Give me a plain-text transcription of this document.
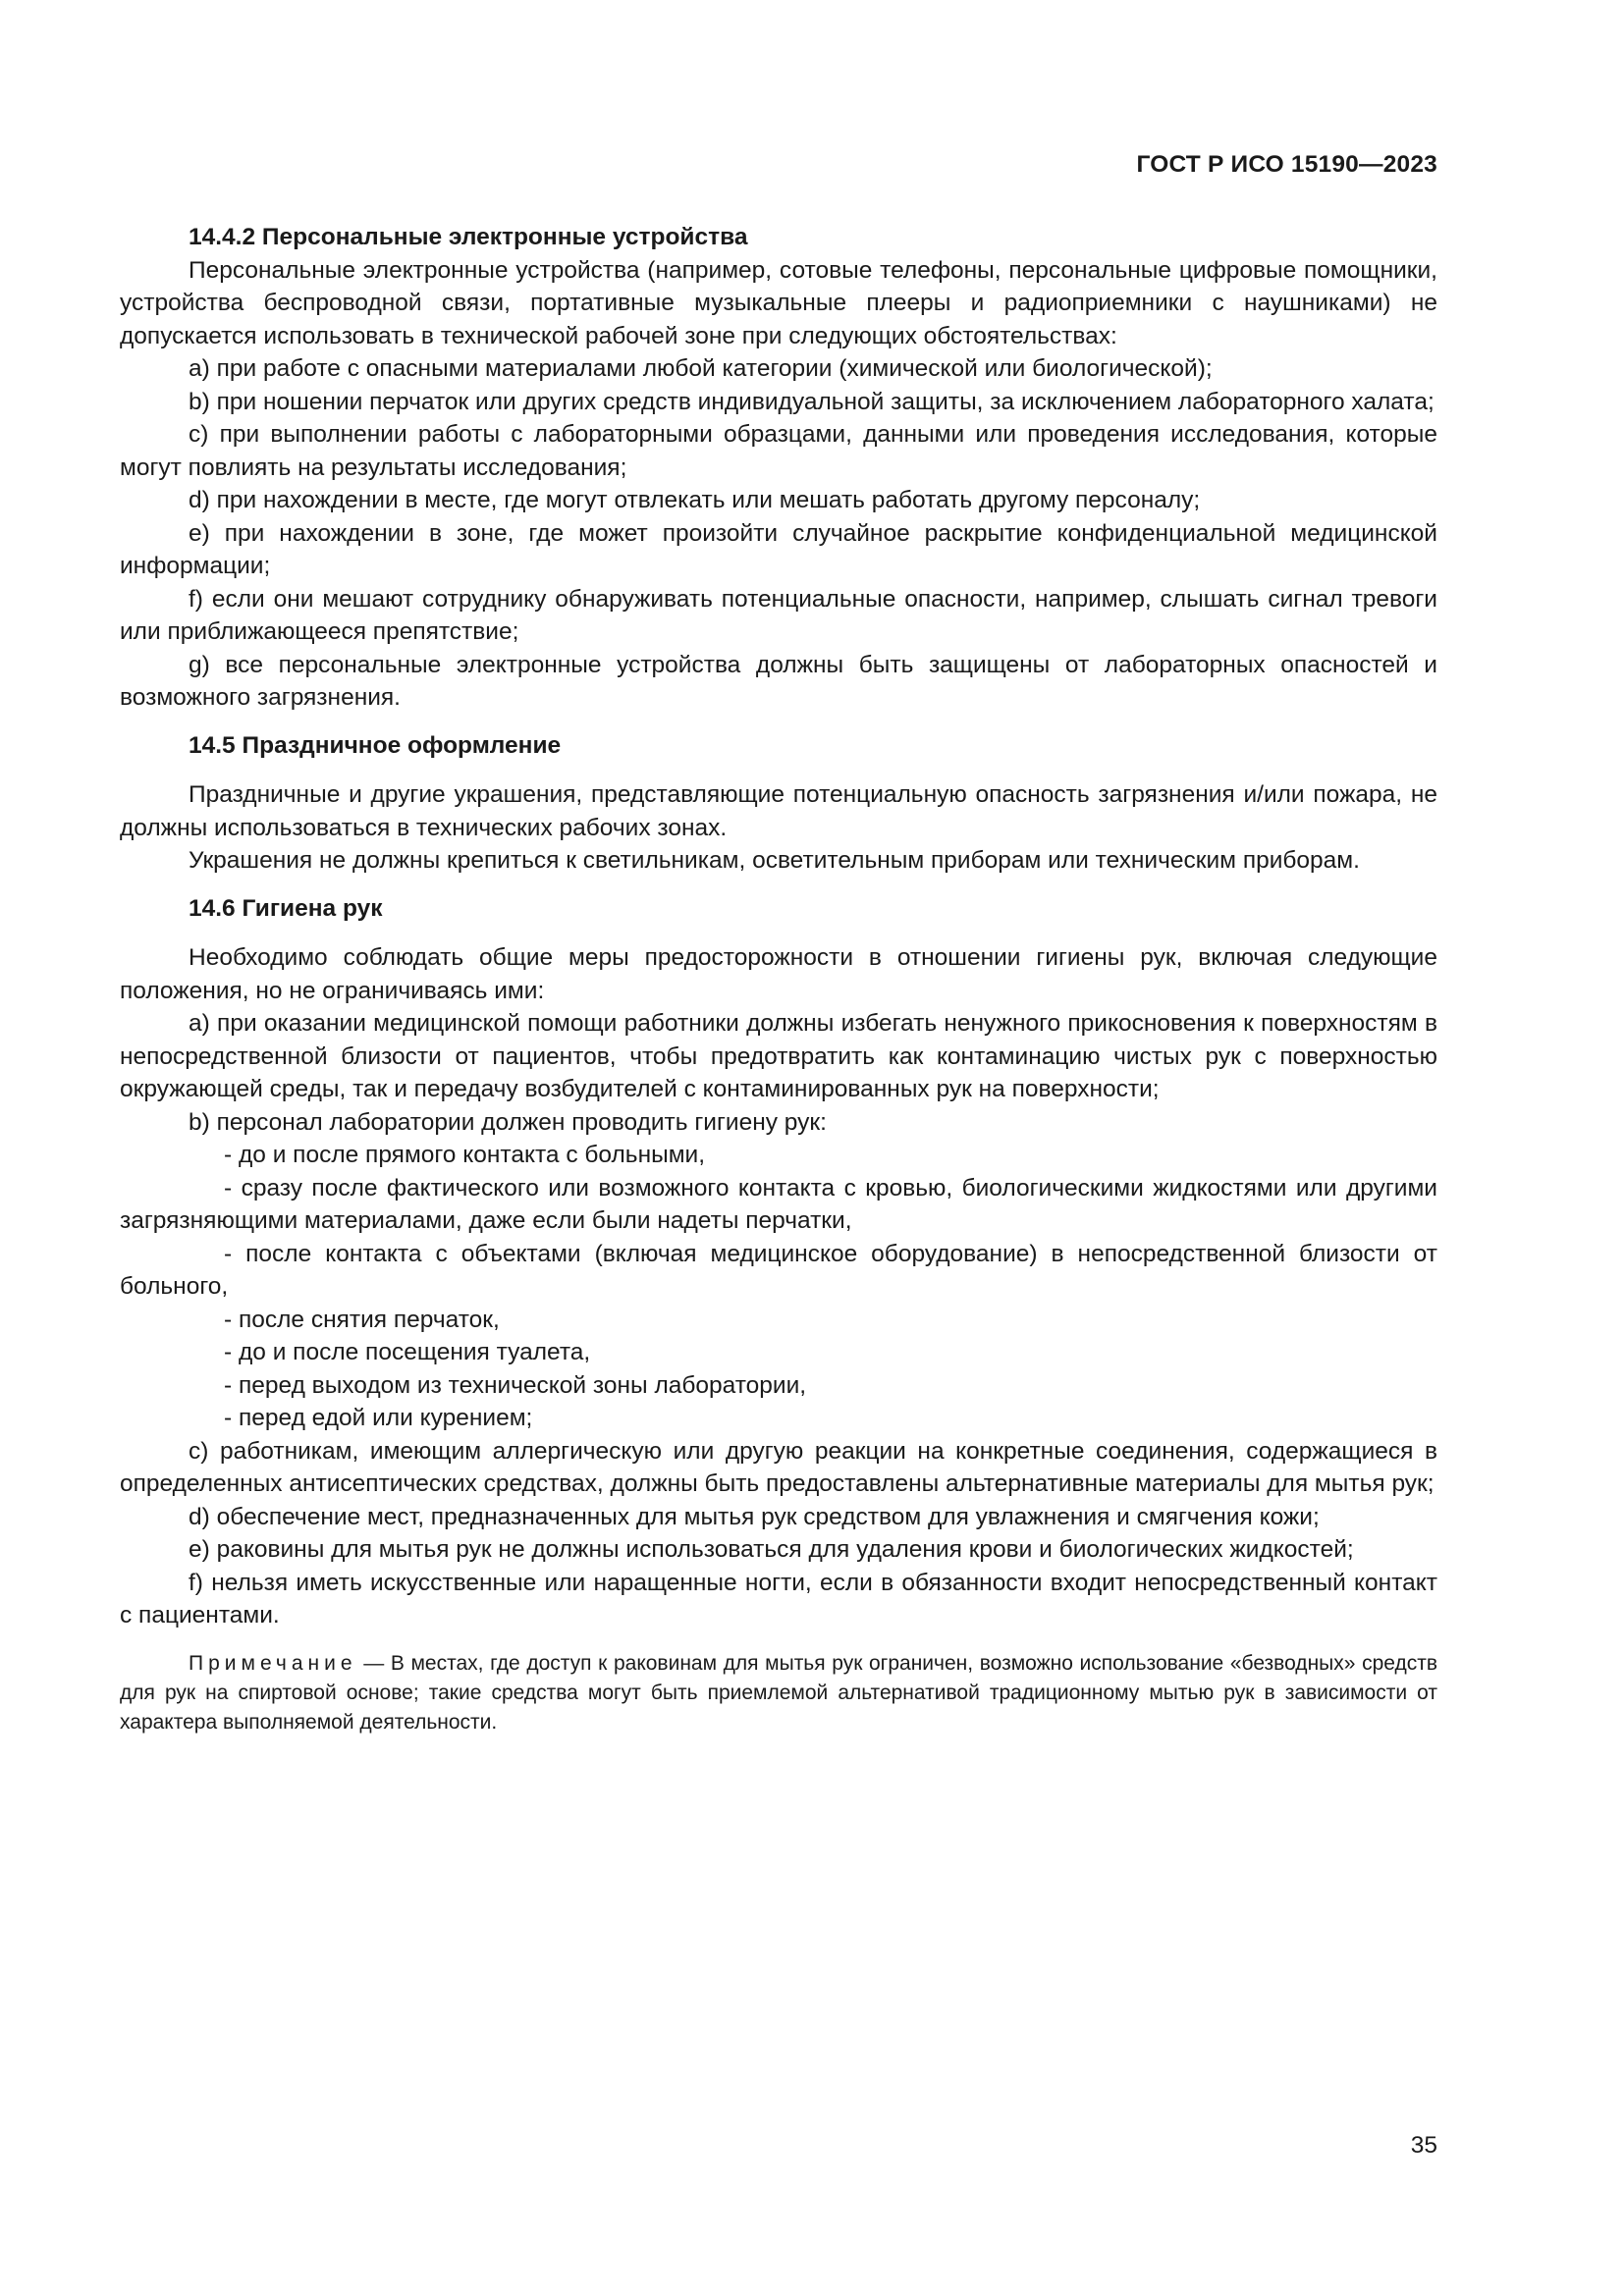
ГОСТ Р ИСО 15190—2023
14.4.2 Персональные электронные устройства

Персональные электронные устройства (например, сотовые телефоны, персональные цифровые помощники, устройства беспроводной связи, портативные музыкальные плееры и радиоприемники с наушниками) не допускается использовать в технической рабочей зоне при следующих обстоятельствах:

а) при работе с опасными материалами любой категории (химической или биологической);

b) при ношении перчаток или других средств индивидуальной защиты, за исключением лабораторного халата;

с) при выполнении работы с лабораторными образцами, данными или проведения исследования, которые могут повлиять на результаты исследования;

d) при нахождении в месте, где могут отвлекать или мешать работать другому персоналу;

е) при нахождении в зоне, где может произойти случайное раскрытие конфиденциальной медицинской информации;

f) если они мешают сотруднику обнаруживать потенциальные опасности, например, слышать сигнал тревоги или приближающееся препятствие;

g) все персональные электронные устройства должны быть защищены от лабораторных опасностей и возможного загрязнения.

14.5 Праздничное оформление

Праздничные и другие украшения, представляющие потенциальную опасность загрязнения и/или пожара, не должны использоваться в технических рабочих зонах.

Украшения не должны крепиться к светильникам, осветительным приборам или техническим приборам.

14.6 Гигиена рук

Необходимо соблюдать общие меры предосторожности в отношении гигиены рук, включая следующие положения, но не ограничиваясь ими:

а) при оказании медицинской помощи работники должны избегать ненужного прикосновения к поверхностям в непосредственной близости от пациентов, чтобы предотвратить как контаминацию чистых рук с поверхностью окружающей среды, так и передачу возбудителей с контаминированных рук на поверхности;

b) персонал лаборатории должен проводить гигиену рук:

- до и после прямого контакта с больными,

- сразу после фактического или возможного контакта с кровью, биологическими жидкостями или другими загрязняющими материалами, даже если были надеты перчатки,

- после контакта с объектами (включая медицинское оборудование) в непосредственной близости от больного,

- после снятия перчаток,

- до и после посещения туалета,

- перед выходом из технической зоны лаборатории,

- перед едой или курением;

с) работникам, имеющим аллергическую или другую реакции на конкретные соединения, содержащиеся в определенных антисептических средствах, должны быть предоставлены альтернативные материалы для мытья рук;

d) обеспечение мест, предназначенных для мытья рук средством для увлажнения и смягчения кожи;

е) раковины для мытья рук не должны использоваться для удаления крови и биологических жидкостей;

f) нельзя иметь искусственные или наращенные ногти, если в обязанности входит непосредственный контакт с пациентами.

Примечание — В местах, где доступ к раковинам для мытья рук ограничен, возможно использование «безводных» средств для рук на спиртовой основе; такие средства могут быть приемлемой альтернативой традиционному мытью рук в зависимости от характера выполняемой деятельности.

35
